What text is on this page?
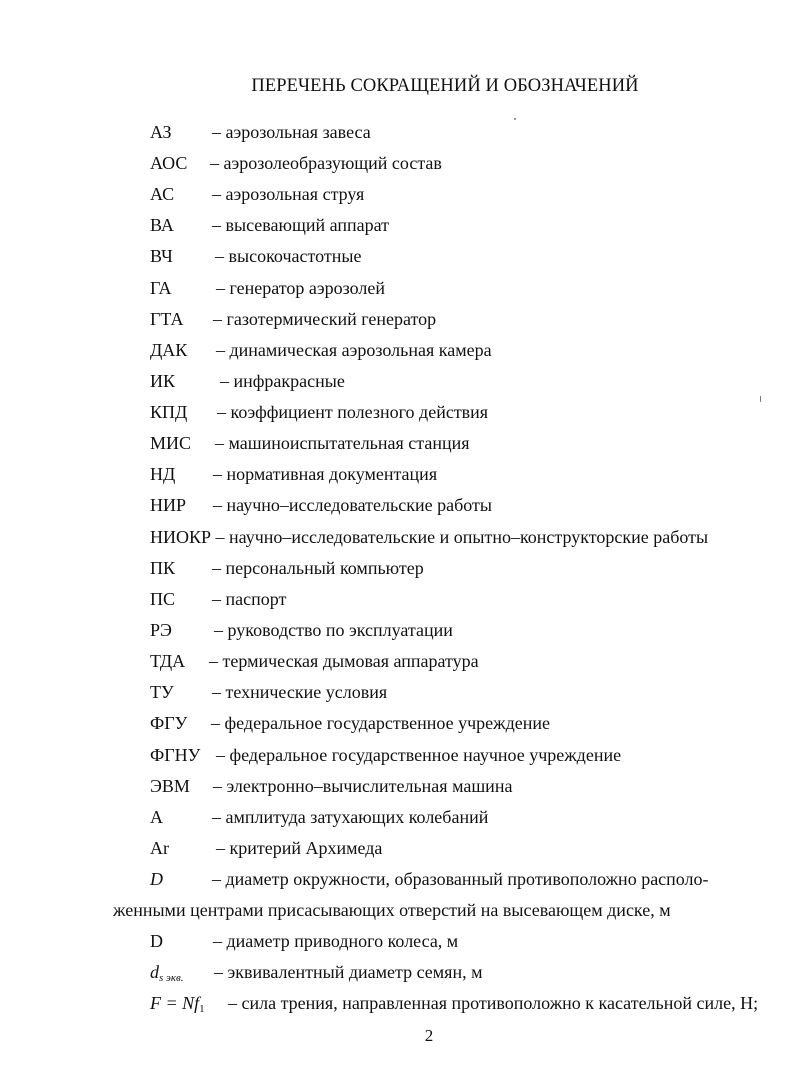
ПЕРЕЧЕНЬ СОКРАЩЕНИЙ И ОБОЗНАЧЕНИЙ
АЗ – аэрозольная завеса
АОС – аэрозолеобразующий состав
АС – аэрозольная струя
ВА – высевающий аппарат
ВЧ – высокочастотные
ГА – генератор аэрозолей
ГТА – газотермический генератор
ДАК – динамическая аэрозольная камера
ИК – инфракрасные
КПД – коэффициент полезного действия
МИС – машиноиспытательная станция
НД – нормативная документация
НИР – научно–исследовательские работы
НИОКР – научно–исследовательские и опытно–конструкторские работы
ПК – персональный компьютер
ПС – паспорт
РЭ – руководство по эксплуатации
ТДА – термическая дымовая аппаратура
ТУ – технические условия
ФГУ – федеральное государственное учреждение
ФГНУ – федеральное государственное научное учреждение
ЭВМ – электронно–вычислительная машина
A	– амплитуда затухающих колебаний
Ar	– критерий Архимеда
D	– диаметр окружности, образованный противоположно располо-
женными центрами присасывающих отверстий на высевающем диске, м
D	– диаметр приводного колеса, м
$d_{s экв.}$ – эквивалентный диаметр семян, м
F = Nf1 – сила трения, направленная противоположно к касательной силе, Н;
2
